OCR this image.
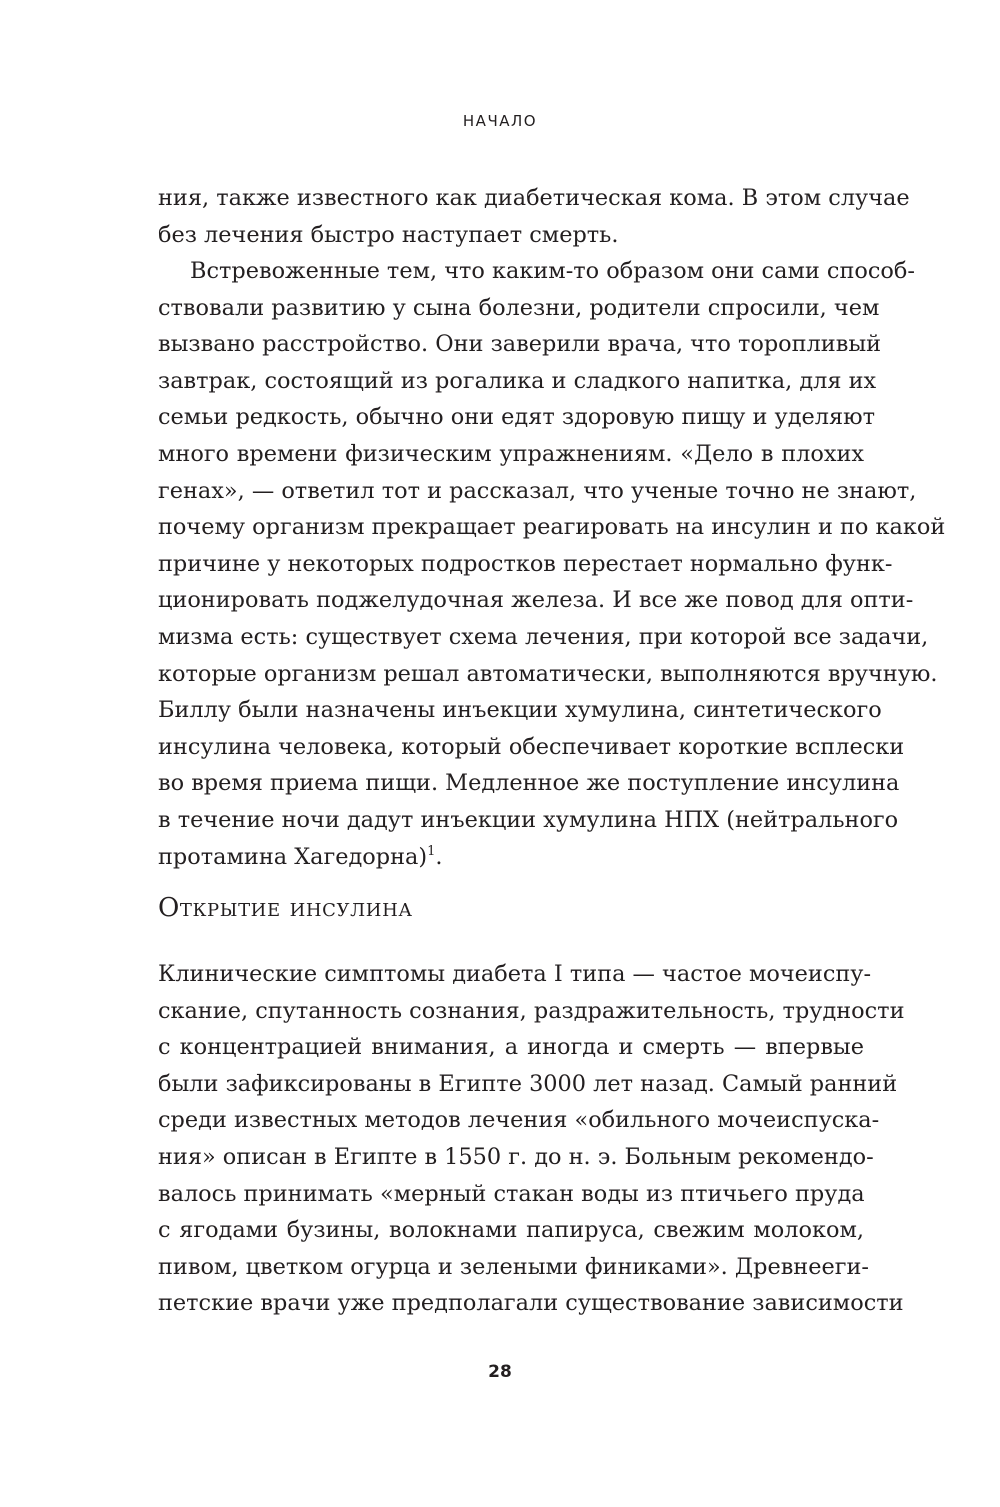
НАЧАЛО
ния, также известного как диабетическая кома. В этом случае
без лечения быстро наступает смерть.
Встревоженные тем, что каким-то образом они сами способ-
ствовали развитию у сына болезни, родители спросили, чем
вызвано расстройство. Они заверили врача, что торопливый
завтрак, состоящий из рогалика и сладкого напитка, для их
семьи редкость, обычно они едят здоровую пищу и уделяют
много времени физическим упражнениям. «Дело в плохих
генах», — ответил тот и рассказал, что ученые точно не знают,
почему организм прекращает реагировать на инсулин и по какой
причине у некоторых подростков перестает нормально функ-
ционировать поджелудочная железа. И все же повод для опти-
мизма есть: существует схема лечения, при которой все задачи,
которые организм решал автоматически, выполняются вручную.
Биллу были назначены инъекции хумулина, синтетического
инсулина человека, который обеспечивает короткие всплески
во время приема пищи. Медленное же поступление инсулина
в течение ночи дадут инъекции хумулина НПХ (нейтрального
протамина Хагедорна)$^1$.
Открытие инсулина
Клинические симптомы диабета I типа — частое мочеиспу-
скание, спутанность сознания, раздражительность, трудности
с концентрацией внимания, а иногда и смерть — впервые
были зафиксированы в Египте 3000 лет назад. Самый ранний
среди известных методов лечения «обильного мочеиспуска-
ния» описан в Египте в 1550 г. до н. э. Больным рекомендо-
валось принимать «мерный стакан воды из птичьего пруда
с ягодами бузины, волокнами папируса, свежим молоком,
пивом, цветком огурца и зелеными финиками». Древнееги-
петские врачи уже предполагали существование зависимости
28
